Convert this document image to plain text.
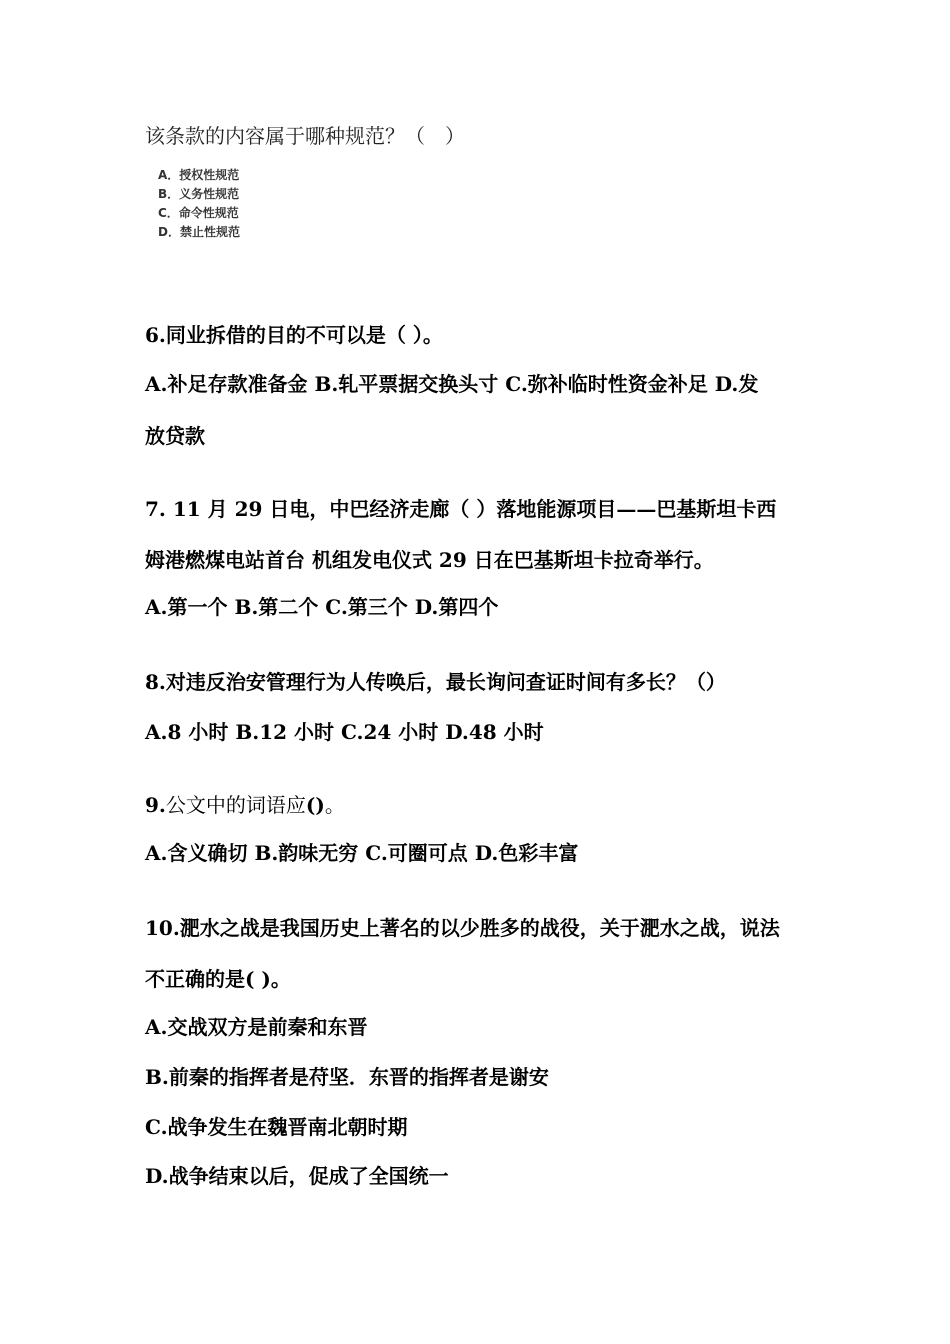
该条款的内容属于哪种规范？（　）
A．授权性规范
B．义务性规范
C．命令性规范
D．禁止性规范
6.同业拆借的目的不可以是（ ）。
A.补足存款准备金 B.轧平票据交换头寸 C.弥补临时性资金补足 D.发
放贷款
7. 11 月 29 日电，中巴经济走廊（ ）落地能源项目——巴基斯坦卡西
姆港燃煤电站首台 机组发电仪式 29 日在巴基斯坦卡拉奇举行。
A.第一个 B.第二个 C.第三个 D.第四个
8.对违反治安管理行为人传唤后，最长询问查证时间有多长？（）
A.8 小时 B.12 小时 C.24 小时 D.48 小时
9.公文中的词语应()。
A.含义确切 B.韵味无穷 C.可圈可点 D.色彩丰富
10.淝水之战是我国历史上著名的以少胜多的战役，关于淝水之战，说法
不正确的是( )。
A.交战双方是前秦和东晋
B.前秦的指挥者是苻坚．东晋的指挥者是谢安
C.战争发生在魏晋南北朝时期
D.战争结束以后，促成了全国统一
